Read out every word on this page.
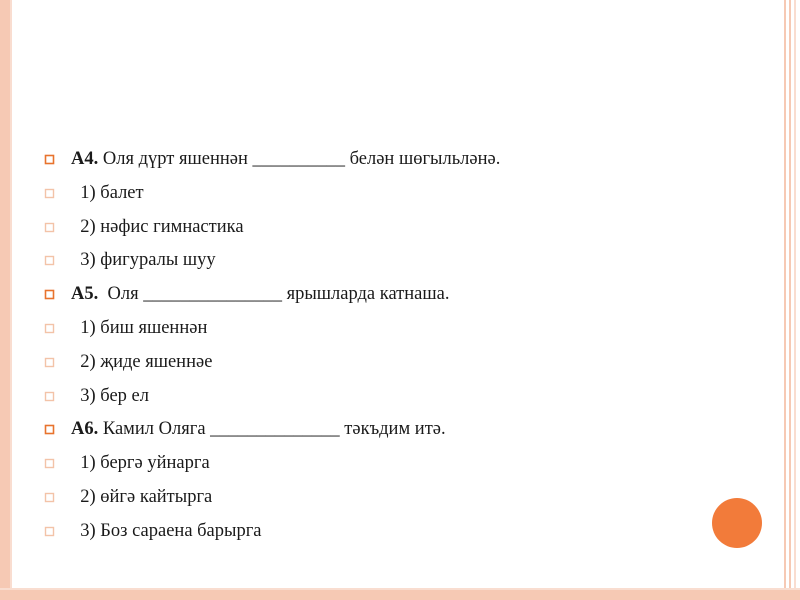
А4. Оля дүрт яшеннән __________ белән шөгыльләнә.
1) балет
2) нәфис гимнастика
3) фигуралы шуу
А5.  Оля _______________ ярышларда катнаша.
1) биш яшеннән
2) җиде яшеннәе
3) бер ел
А6. Камил Оляга ______________ тәкъдим итә.
1) бергә уйнарга
2) өйгә кайтырга
3) Боз сараена барырга
